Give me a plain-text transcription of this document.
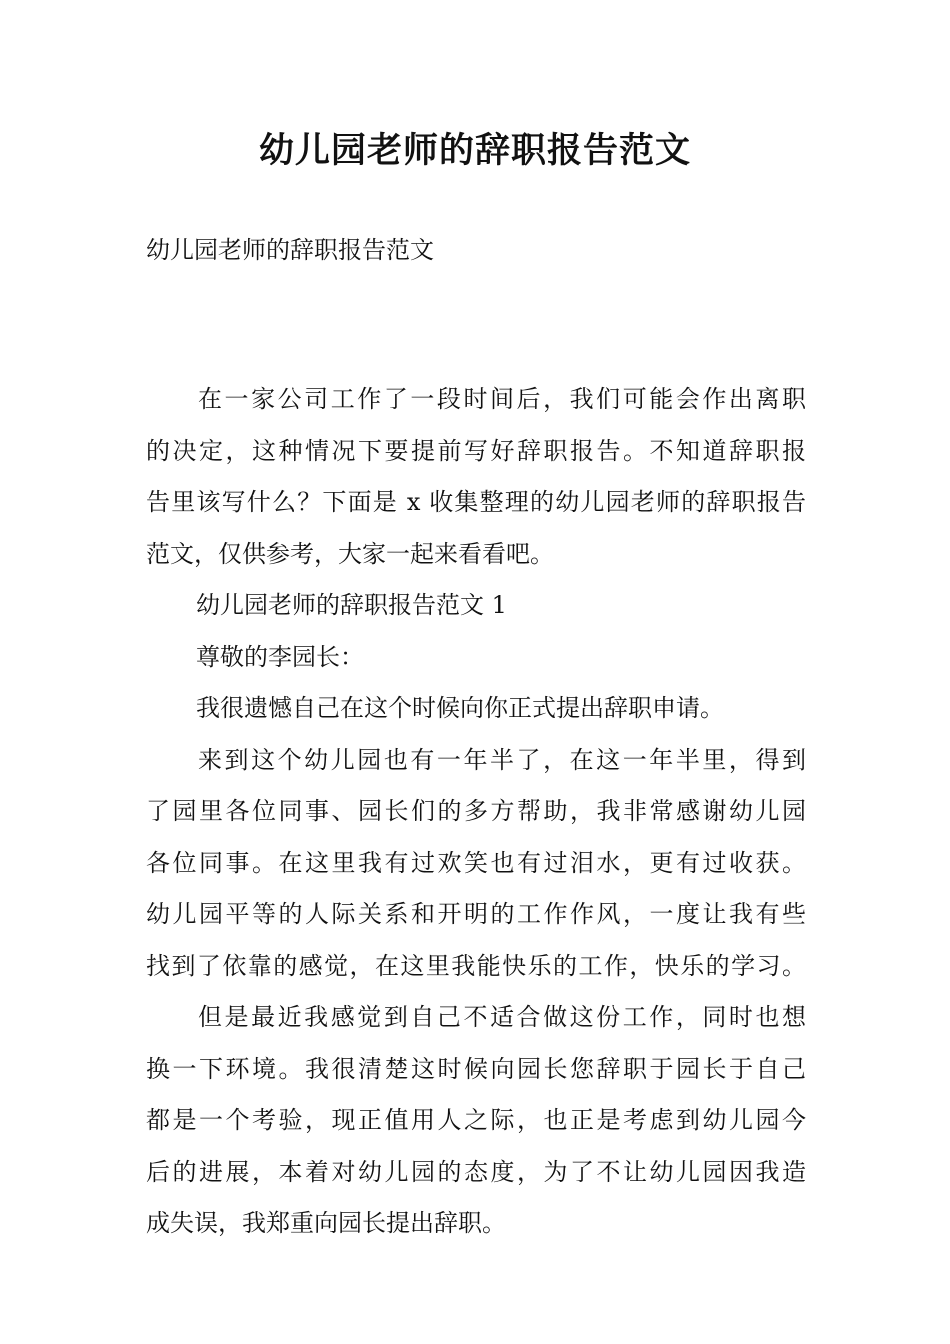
幼儿园老师的辞职报告范文
幼儿园老师的辞职报告范文
在一家公司工作了一段时间后，我们可能会作出离职
的决定，这种情况下要提前写好辞职报告。不知道辞职报
告里该写什么？下面是 x 收集整理的幼儿园老师的辞职报告
范文，仅供参考，大家一起来看看吧。
幼儿园老师的辞职报告范文 1
尊敬的李园长：
我很遗憾自己在这个时候向你正式提出辞职申请。
来到这个幼儿园也有一年半了，在这一年半里，得到
了园里各位同事、园长们的多方帮助，我非常感谢幼儿园
各位同事。在这里我有过欢笑也有过泪水，更有过收获。
幼儿园平等的人际关系和开明的工作作风，一度让我有些
找到了依靠的感觉，在这里我能快乐的工作，快乐的学习。
但是最近我感觉到自己不适合做这份工作，同时也想
换一下环境。我很清楚这时候向园长您辞职于园长于自己
都是一个考验，现正值用人之际，也正是考虑到幼儿园今
后的进展，本着对幼儿园的态度，为了不让幼儿园因我造
成失误，我郑重向园长提出辞职。
